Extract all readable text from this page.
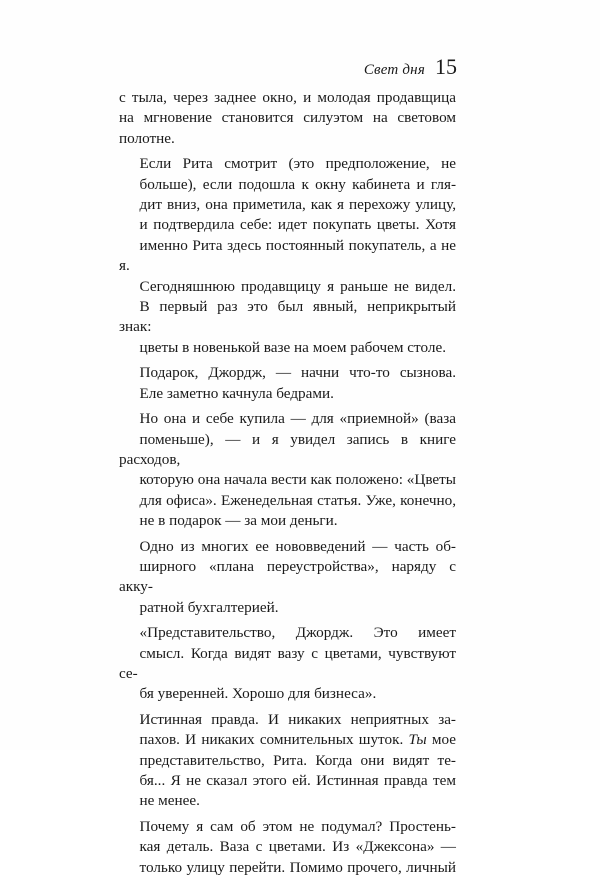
Свет дня 15

с тыла, через заднее окно, и молодая продавщица
на мгновение становится силуэтом на световом
полотне.

Если Рита смотрит (это предположение, не
больше), если подошла к окну кабинета и гля-
дит вниз, она приметила, как я перехожу улицу,
и подтвердила себе: идет покупать цветы. Хотя
именно Рита здесь постоянный покупатель, а не я.
Сегодняшнюю продавщицу я раньше не видел.
В первый раз это был явный, неприкрытый знак:
цветы в новенькой вазе на моем рабочем столе.

Подарок, Джордж, — начни что-то сызнова.
Еле заметно качнула бедрами.

Но она и себе купила — для «приемной» (ваза
поменьше), — и я увидел запись в книге расходов,
которую она начала вести как положено: «Цветы
для офиса». Еженедельная статья. Уже, конечно,
не в подарок — за мои деньги.

Одно из многих ее нововведений — часть об-
ширного «плана переустройства», наряду с акку-
ратной бухгалтерией.

«Представительство, Джордж. Это имеет
смысл. Когда видят вазу с цветами, чувствуют се-
бя уверенней. Хорошо для бизнеса».

Истинная правда. И никаких неприятных за-
пахов. И никаких сомнительных шуток. Ты мое
представительство, Рита. Когда они видят те-
бя... Я не сказал этого ей. Истинная правда тем
не менее.

Почему я сам об этом не подумал? Простень-
кая деталь. Ваза с цветами. Из «Джексона» —
только улицу перейти. Помимо прочего, личный
